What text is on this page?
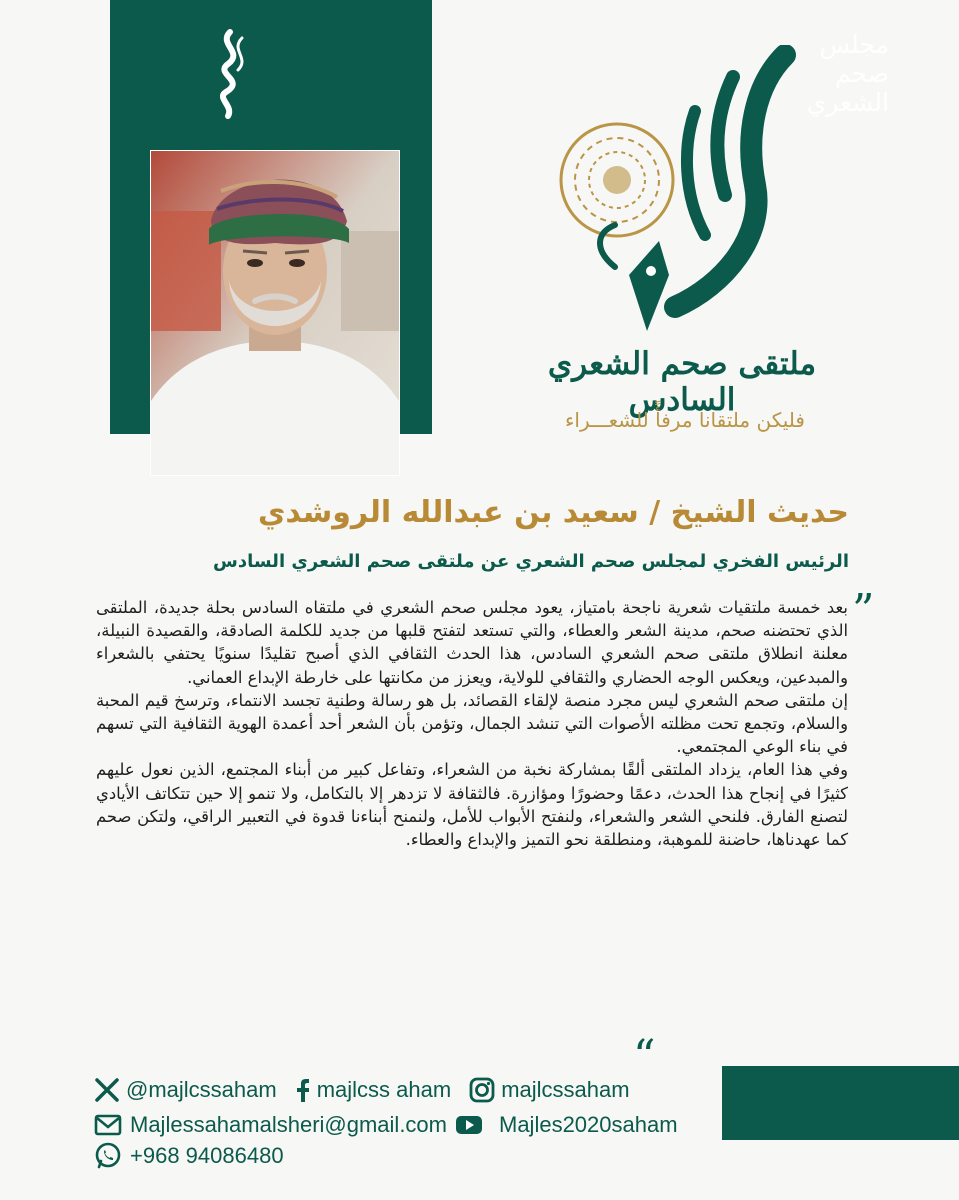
مجلس
صحم
الشعري
ملتقى صحم الشعري السادس
فليكن ملتقانا مرفأً للشعـــراء
حديث الشيخ / سعيد بن عبدالله الروشدي
الرئيس الفخري لمجلس صحم الشعري عن ملتقى صحم الشعري السادس
”

بعد خمسة ملتقيات شعرية ناجحة بامتياز، يعود مجلس صحم الشعري في ملتقاه السادس بحلة جديدة، الملتقى الذي تحتضنه صحم، مدينة الشعر والعطاء، والتي تستعد لتفتح قلبها من جديد للكلمة الصادقة، والقصيدة النبيلة، معلنة انطلاق ملتقى صحم الشعري السادس، هذا الحدث الثقافي الذي أصبح تقليدًا سنويًا يحتفي بالشعراء والمبدعين، ويعكس الوجه الحضاري والثقافي للولاية، ويعزز من مكانتها على خارطة الإبداع العماني.

إن ملتقى صحم الشعري ليس مجرد منصة لإلقاء القصائد، بل هو رسالة وطنية تجسد الانتماء، وترسخ قيم المحبة والسلام، وتجمع تحت مظلته الأصوات التي تنشد الجمال، وتؤمن بأن الشعر أحد أعمدة الهوية الثقافية التي تسهم في بناء الوعي المجتمعي.

وفي هذا العام، يزداد الملتقى ألقًا بمشاركة نخبة من الشعراء، وتفاعل كبير من أبناء المجتمع، الذين نعول عليهم كثيرًا في إنجاح هذا الحدث، دعمًا وحضورًا ومؤازرة. فالثقافة لا تزدهر إلا بالتكامل، ولا تنمو إلا حين تتكاتف الأيادي لتصنع الفارق. فلنحي الشعر والشعراء، ولنفتح الأبواب للأمل، ولنمنح أبناءنا قدوة في التعبير الراقي، ولتكن صحم كما عهدناها، حاضنة للموهبة، ومنطلقة نحو التميز والإبداع والعطاء.

“
@majlcssaham majlcss aham majlcssaham
Majlessahamalsheri@gmail.com Majles2020saham
+968 94086480
